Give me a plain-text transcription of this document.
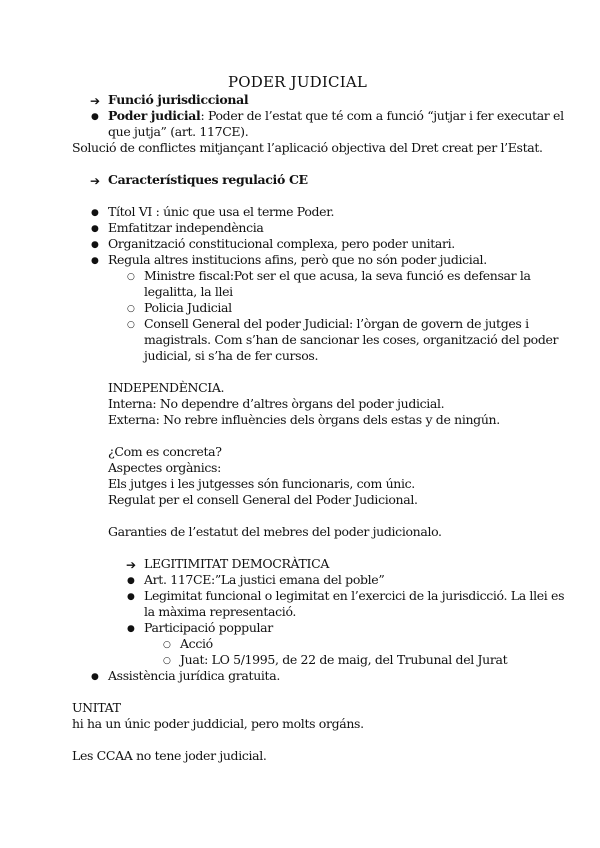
PODER JUDICIAL
➔ Funció jurisdiccional
● Poder judicial: Poder de l’estat que té com a funció “jutjar i fer executar el
que jutja” (art. 117CE).
Solució de conflictes mitjançant l’aplicació objectiva del Dret creat per l’Estat.
➔ Característiques regulació CE
● Títol VI : únic que usa el terme Poder.
● Emfatitzar independència
● Organització constitucional complexa, pero poder unitari.
● Regula altres institucions afins, però que no són poder judicial.
○ Ministre fiscal:Pot ser el que acusa, la seva funció es defensar la
legalitta, la llei
○ Policia Judicial
○ Consell General del poder Judicial: l’òrgan de govern de jutges i
magistrals. Com s’han de sancionar les coses, organització del poder
judicial, si s’ha de fer cursos.
INDEPENDÈNCIA.
Interna: No dependre d’altres òrgans del poder judicial.
Externa: No rebre influències dels òrgans dels estas y de ningún.
¿Com es concreta?
Aspectes orgànics:
Els jutges i les jutgesses són funcionaris, com únic.
Regulat per el consell General del Poder Judicional.
Garanties de l’estatut del mebres del poder judicionalo.
➔ LEGITIMITAT DEMOCRÀTICA
● Art. 117CE:”La justici emana del poble”
● Legimitat funcional o legimitat en l’exercici de la jurisdicció. La llei es
la màxima representació.
● Participació poppular
○ Acció
○ Juat: LO 5/1995, de 22 de maig, del Trubunal del Jurat
● Assistència jurídica gratuita.
UNITAT
hi ha un únic poder juddicial, pero molts orgáns.
Les CCAA no tene joder judicial.
